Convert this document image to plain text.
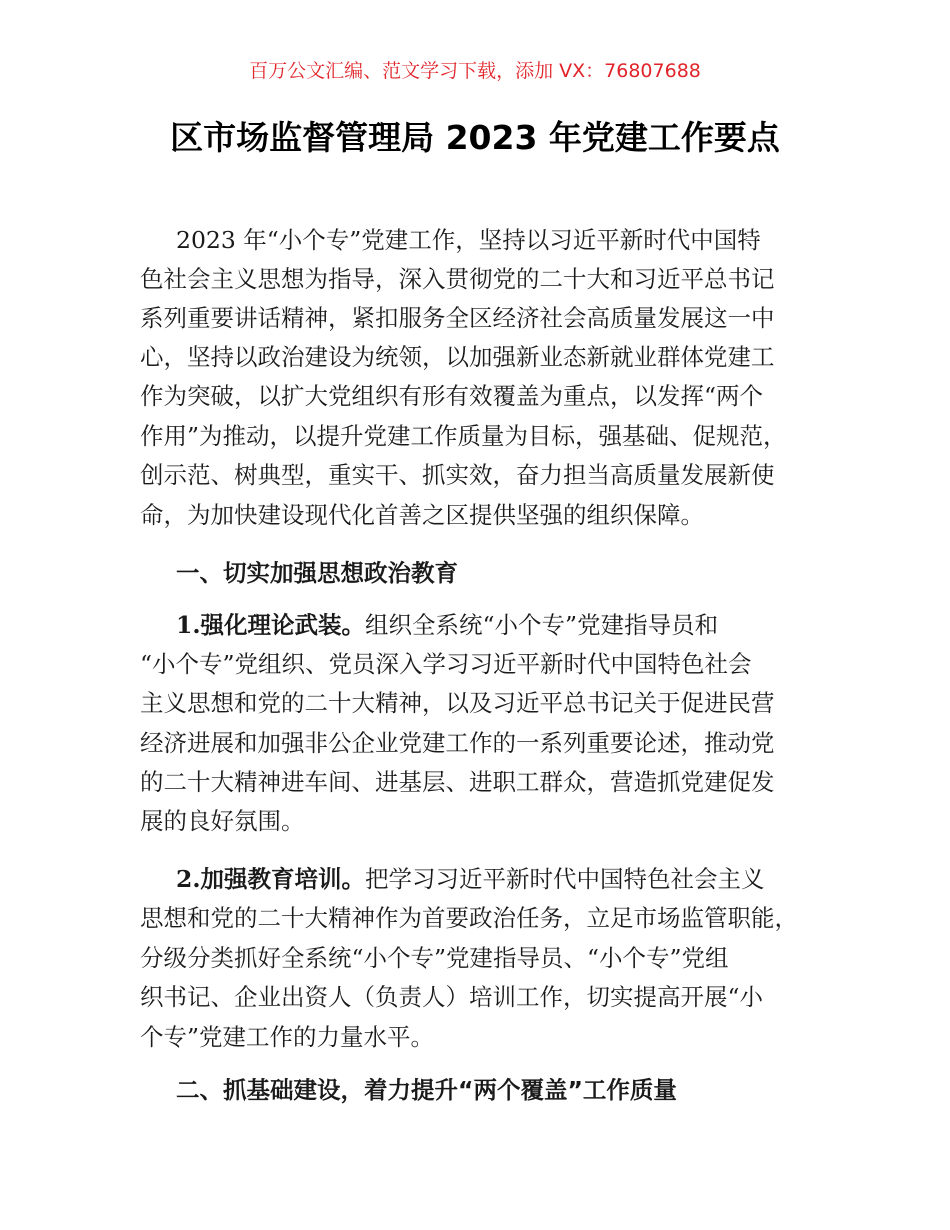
百万公文汇编、范文学习下载，添加 VX：76807688
区市场监督管理局 2023 年党建工作要点
2023 年“小个专”党建工作，坚持以习近平新时代中国特
色社会主义思想为指导，深入贯彻党的二十大和习近平总书记
系列重要讲话精神，紧扣服务全区经济社会高质量发展这一中
心，坚持以政治建设为统领，以加强新业态新就业群体党建工
作为突破，以扩大党组织有形有效覆盖为重点，以发挥“两个
作用”为推动，以提升党建工作质量为目标，强基础、促规范，
创示范、树典型，重实干、抓实效，奋力担当高质量发展新使
命，为加快建设现代化首善之区提供坚强的组织保障。
一、切实加强思想政治教育
1.强化理论武装。组织全系统“小个专”党建指导员和
“小个专”党组织、党员深入学习习近平新时代中国特色社会
主义思想和党的二十大精神，以及习近平总书记关于促进民营
经济进展和加强非公企业党建工作的一系列重要论述，推动党
的二十大精神进车间、进基层、进职工群众，营造抓党建促发
展的良好氛围。
2.加强教育培训。把学习习近平新时代中国特色社会主义
思想和党的二十大精神作为首要政治任务，立足市场监管职能，
分级分类抓好全系统“小个专”党建指导员、“小个专”党组
织书记、企业出资人（负责人）培训工作，切实提高开展“小
个专”党建工作的力量水平。
二、抓基础建设，着力提升“两个覆盖”工作质量
